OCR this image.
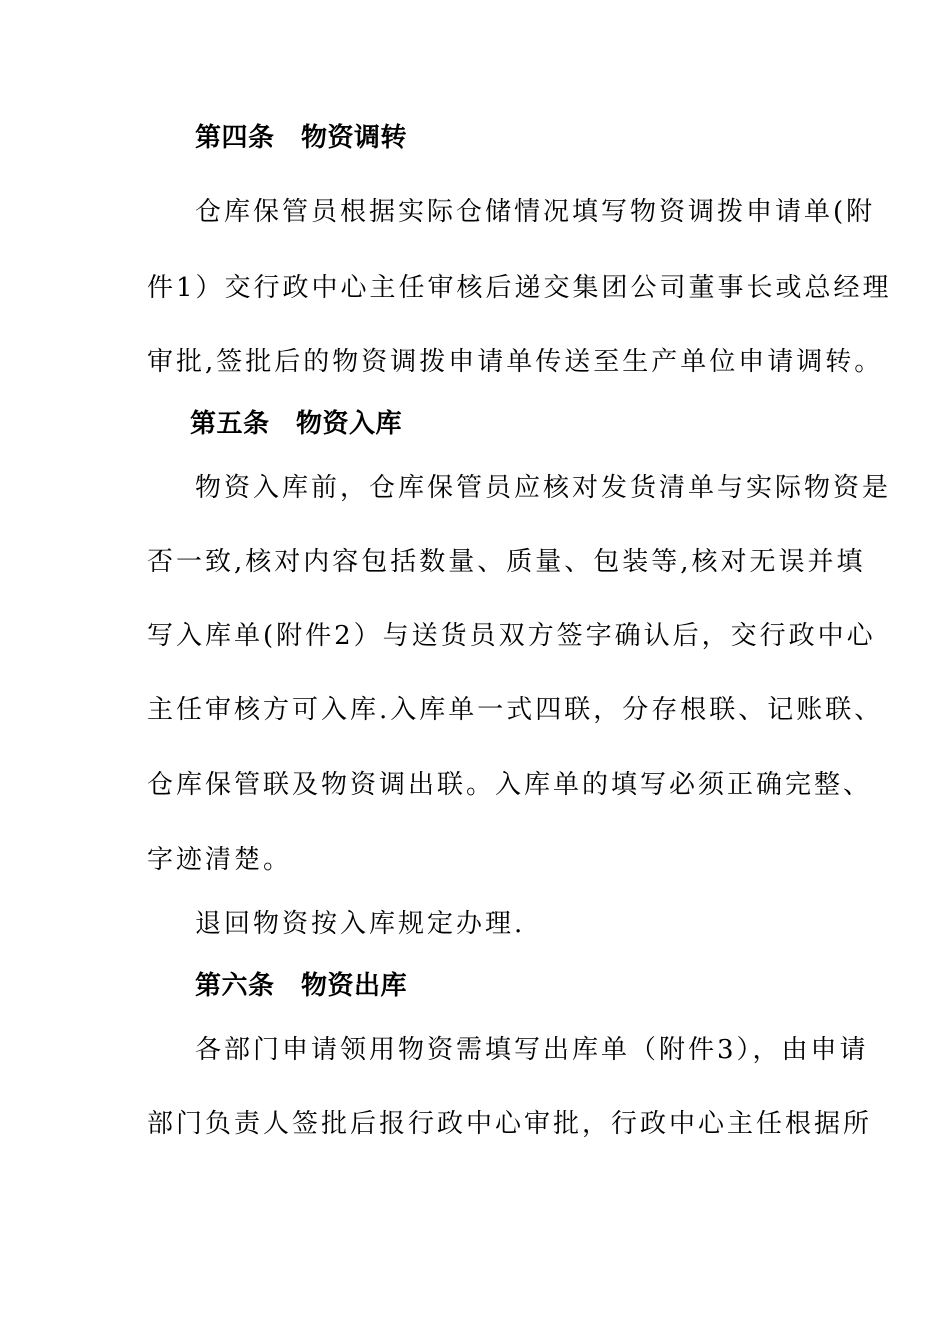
第四条　物资调转
仓库保管员根据实际仓储情况填写物资调拨申请单(附
件1）交行政中心主任审核后递交集团公司董事长或总经理
审批,签批后的物资调拨申请单传送至生产单位申请调转。
第五条　物资入库
物资入库前，仓库保管员应核对发货清单与实际物资是
否一致,核对内容包括数量、质量、包装等,核对无误并填
写入库单(附件2）与送货员双方签字确认后，交行政中心
主任审核方可入库.入库单一式四联，分存根联、记账联、
仓库保管联及物资调出联。入库单的填写必须正确完整、
字迹清楚。
退回物资按入库规定办理.
第六条　物资出库
各部门申请领用物资需填写出库单（附件3），由申请
部门负责人签批后报行政中心审批，行政中心主任根据所
